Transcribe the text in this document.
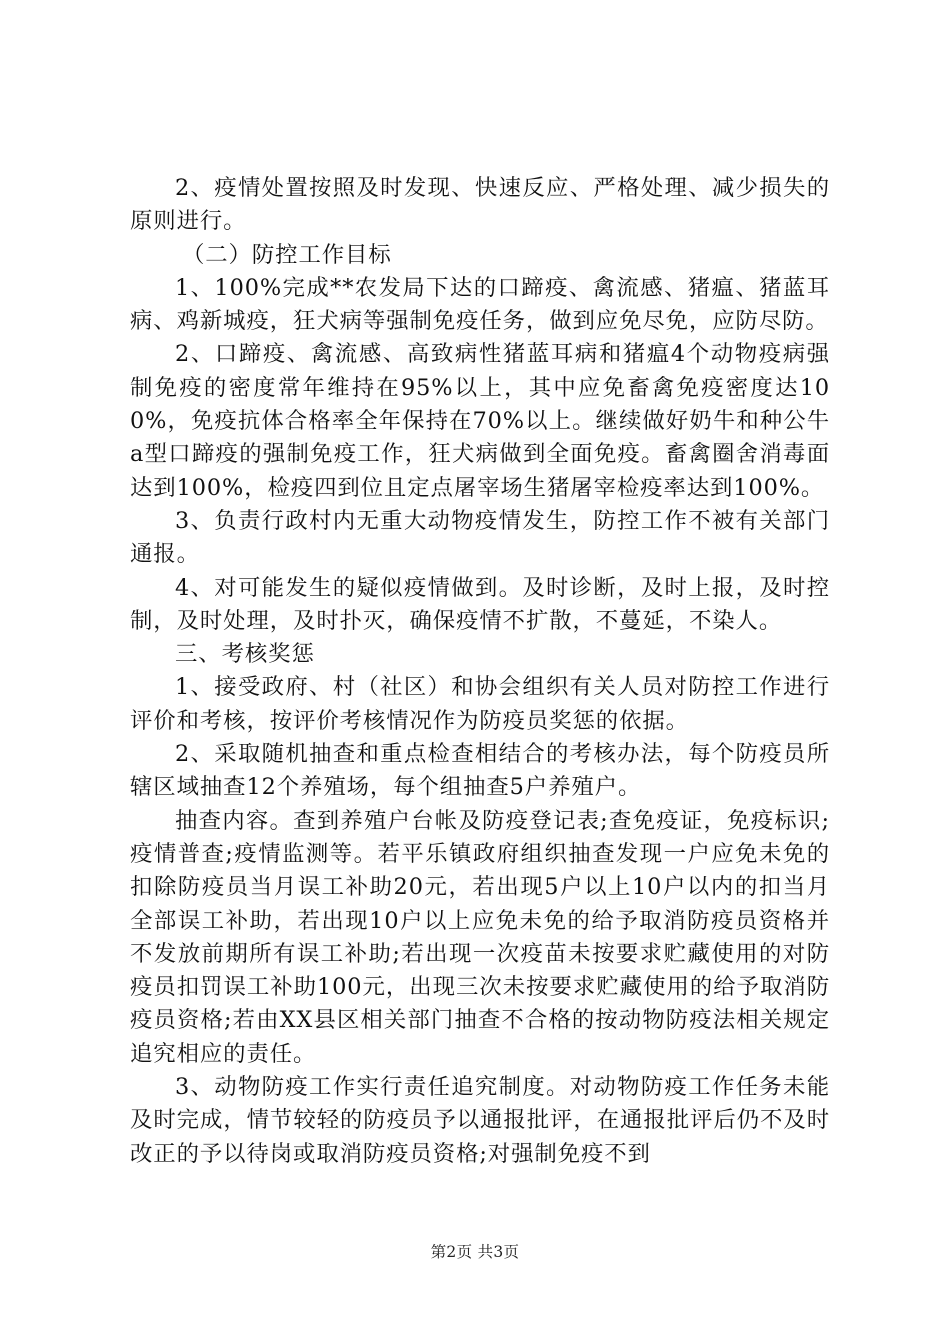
2、疫情处置按照及时发现、快速反应、严格处理、减少损失的原则进行。

（二）防控工作目标

1、100%完成**农发局下达的口蹄疫、禽流感、猪瘟、猪蓝耳病、鸡新城疫，狂犬病等强制免疫任务，做到应免尽免，应防尽防。

2、口蹄疫、禽流感、高致病性猪蓝耳病和猪瘟4个动物疫病强制免疫的密度常年维持在95%以上，其中应免畜禽免疫密度达100%，免疫抗体合格率全年保持在70%以上。继续做好奶牛和种公牛a型口蹄疫的强制免疫工作，狂犬病做到全面免疫。畜禽圈舍消毒面达到100%，检疫四到位且定点屠宰场生猪屠宰检疫率达到100%。

3、负责行政村内无重大动物疫情发生，防控工作不被有关部门通报。

4、对可能发生的疑似疫情做到。及时诊断，及时上报，及时控制，及时处理，及时扑灭，确保疫情不扩散，不蔓延，不染人。

三、考核奖惩

1、接受政府、村（社区）和协会组织有关人员对防控工作进行评价和考核，按评价考核情况作为防疫员奖惩的依据。

2、采取随机抽查和重点检查相结合的考核办法，每个防疫员所辖区域抽查12个养殖场，每个组抽查5户养殖户。

抽查内容。查到养殖户台帐及防疫登记表;查免疫证，免疫标识;疫情普查;疫情监测等。若平乐镇政府组织抽查发现一户应免未免的扣除防疫员当月误工补助20元，若出现5户以上10户以内的扣当月全部误工补助，若出现10户以上应免未免的给予取消防疫员资格并不发放前期所有误工补助;若出现一次疫苗未按要求贮藏使用的对防疫员扣罚误工补助100元，出现三次未按要求贮藏使用的给予取消防疫员资格;若由XX县区相关部门抽查不合格的按动物防疫法相关规定追究相应的责任。

3、动物防疫工作实行责任追究制度。对动物防疫工作任务未能及时完成，情节较轻的防疫员予以通报批评，在通报批评后仍不及时改正的予以待岗或取消防疫员资格;对强制免疫不到

第2页 共3页
